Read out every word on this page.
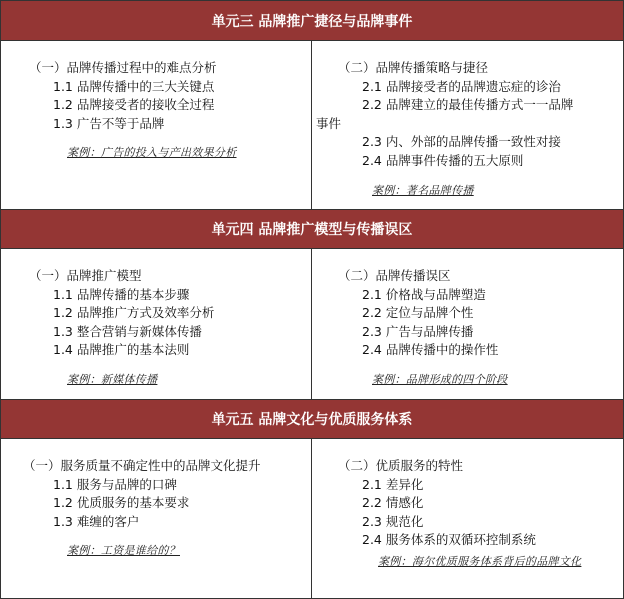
单元三 品牌推广捷径与品牌事件

（一）品牌传播过程中的难点分析

1.1 品牌传播中的三大关键点

1.2 品牌接受者的接收全过程

1.3 广告不等于品牌

案例：广告的投入与产出效果分析

（二）品牌传播策略与捷径

2.1 品牌接受者的品牌遗忘症的诊治

2.2 品牌建立的最佳传播方式一一品牌

事件

2.3 内、外部的品牌传播一致性对接

2.4 品牌事件传播的五大原则

案例：著名品牌传播

单元四 品牌推广模型与传播误区

（一）品牌推广模型

1.1 品牌传播的基本步骤

1.2 品牌推广方式及效率分析

1.3 整合营销与新媒体传播

1.4 品牌推广的基本法则

案例：新媒体传播

（二）品牌传播误区

2.1 价格战与品牌塑造

2.2 定位与品牌个性

2.3 广告与品牌传播

2.4 品牌传播中的操作性

案例：品牌形成的四个阶段

单元五 品牌文化与优质服务体系

（一）服务质量不确定性中的品牌文化提升

1.1 服务与品牌的口碑

1.2 优质服务的基本要求

1.3 难缠的客户

案例：工资是谁给的？

（二）优质服务的特性

2.1 差异化

2.2 情感化

2.3 规范化

2.4 服务体系的双循环控制系统

案例：海尔优质服务体系背后的品牌文化
